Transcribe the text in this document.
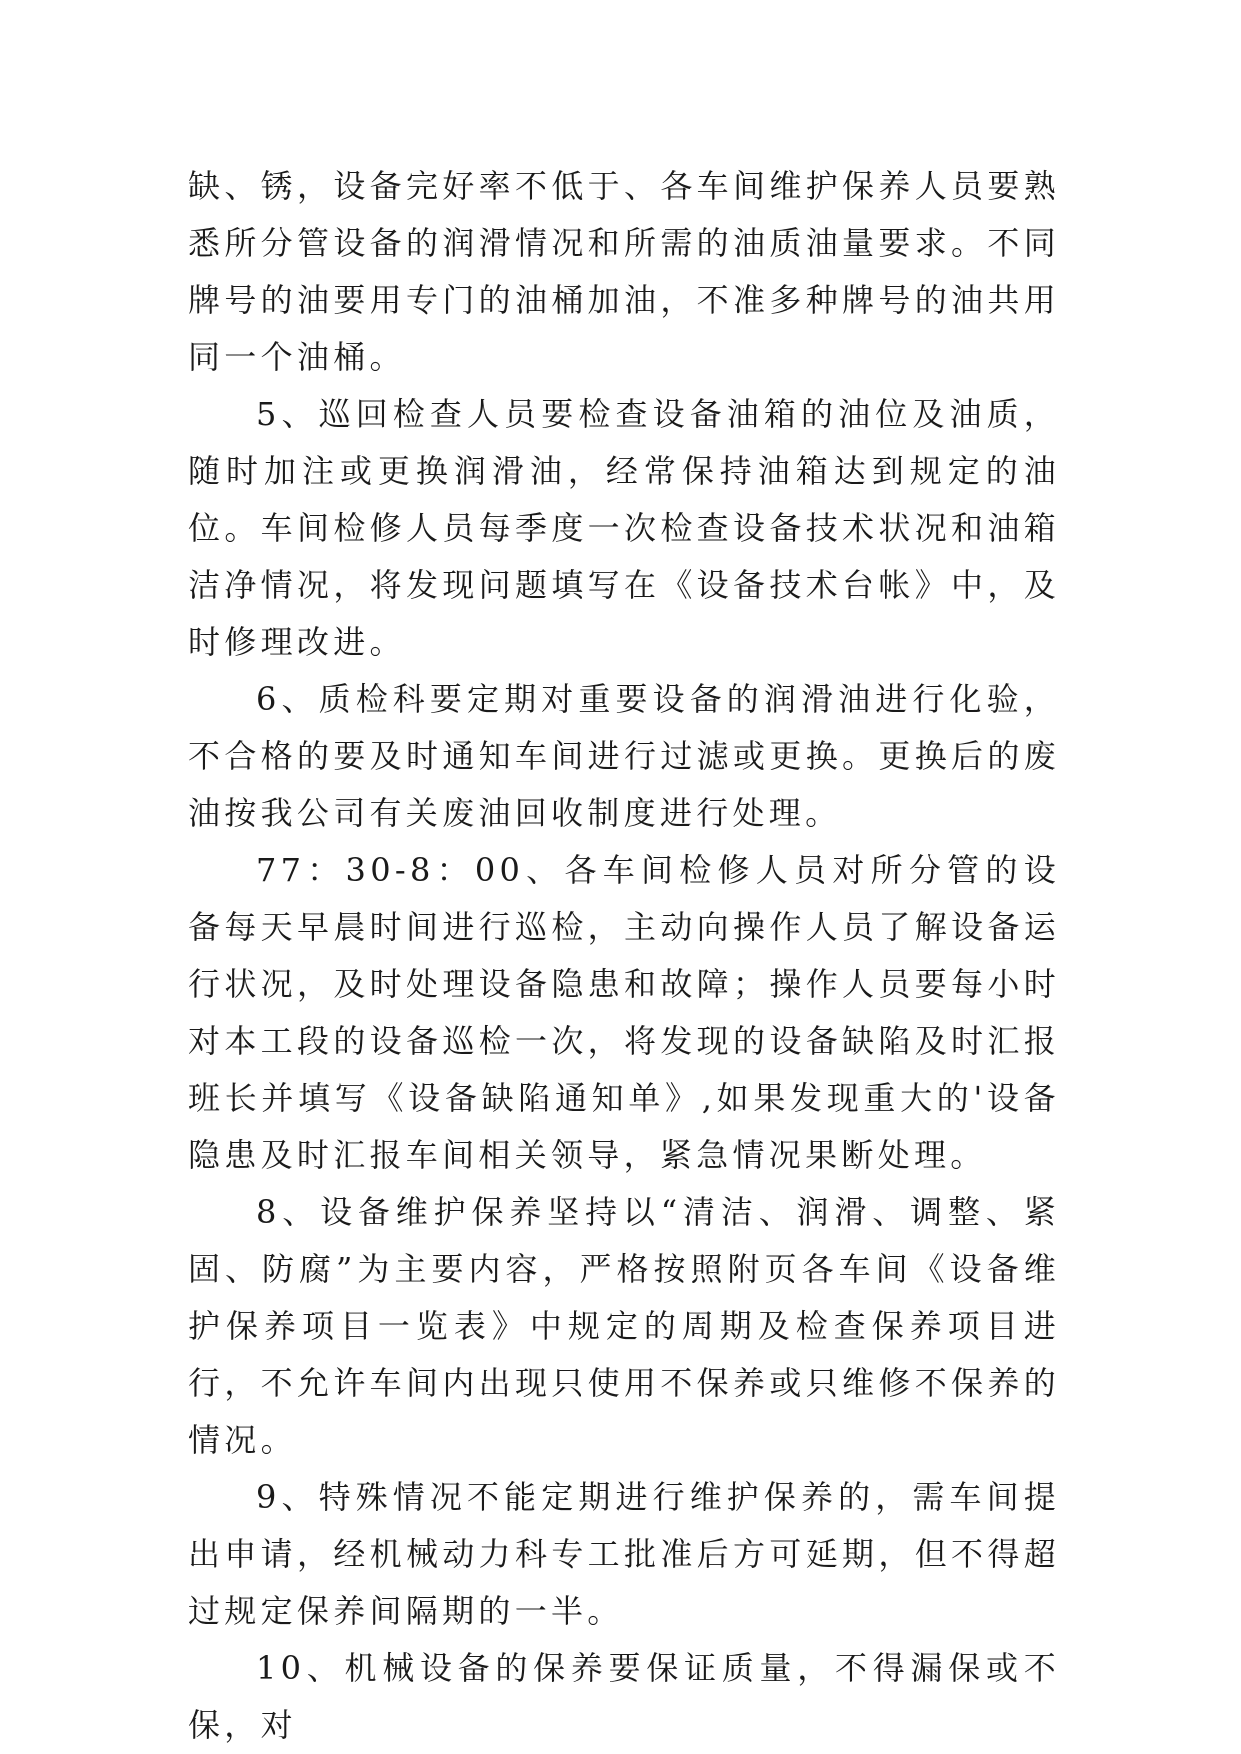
缺、锈，设备完好率不低于、各车间维护保养人员要熟悉所分管设备的润滑情况和所需的油质油量要求。不同牌号的油要用专门的油桶加油，不准多种牌号的油共用同一个油桶。

5、巡回检查人员要检查设备油箱的油位及油质，随时加注或更换润滑油，经常保持油箱达到规定的油位。车间检修人员每季度一次检查设备技术状况和油箱洁净情况，将发现问题填写在《设备技术台帐》中，及时修理改进。

6、质检科要定期对重要设备的润滑油进行化验，不合格的要及时通知车间进行过滤或更换。更换后的废油按我公司有关废油回收制度进行处理。

77：30-8：00、各车间检修人员对所分管的设备每天早晨时间进行巡检，主动向操作人员了解设备运行状况，及时处理设备隐患和故障；操作人员要每小时对本工段的设备巡检一次，将发现的设备缺陷及时汇报班长并填写《设备缺陷通知单》,如果发现重大的'设备隐患及时汇报车间相关领导，紧急情况果断处理。

8、设备维护保养坚持以“清洁、润滑、调整、紧固、防腐”为主要内容，严格按照附页各车间《设备维护保养项目一览表》中规定的周期及检查保养项目进行，不允许车间内出现只使用不保养或只维修不保养的情况。

9、特殊情况不能定期进行维护保养的，需车间提出申请，经机械动力科专工批准后方可延期，但不得超过规定保养间隔期的一半。

10、机械设备的保养要保证质量，不得漏保或不保，对
